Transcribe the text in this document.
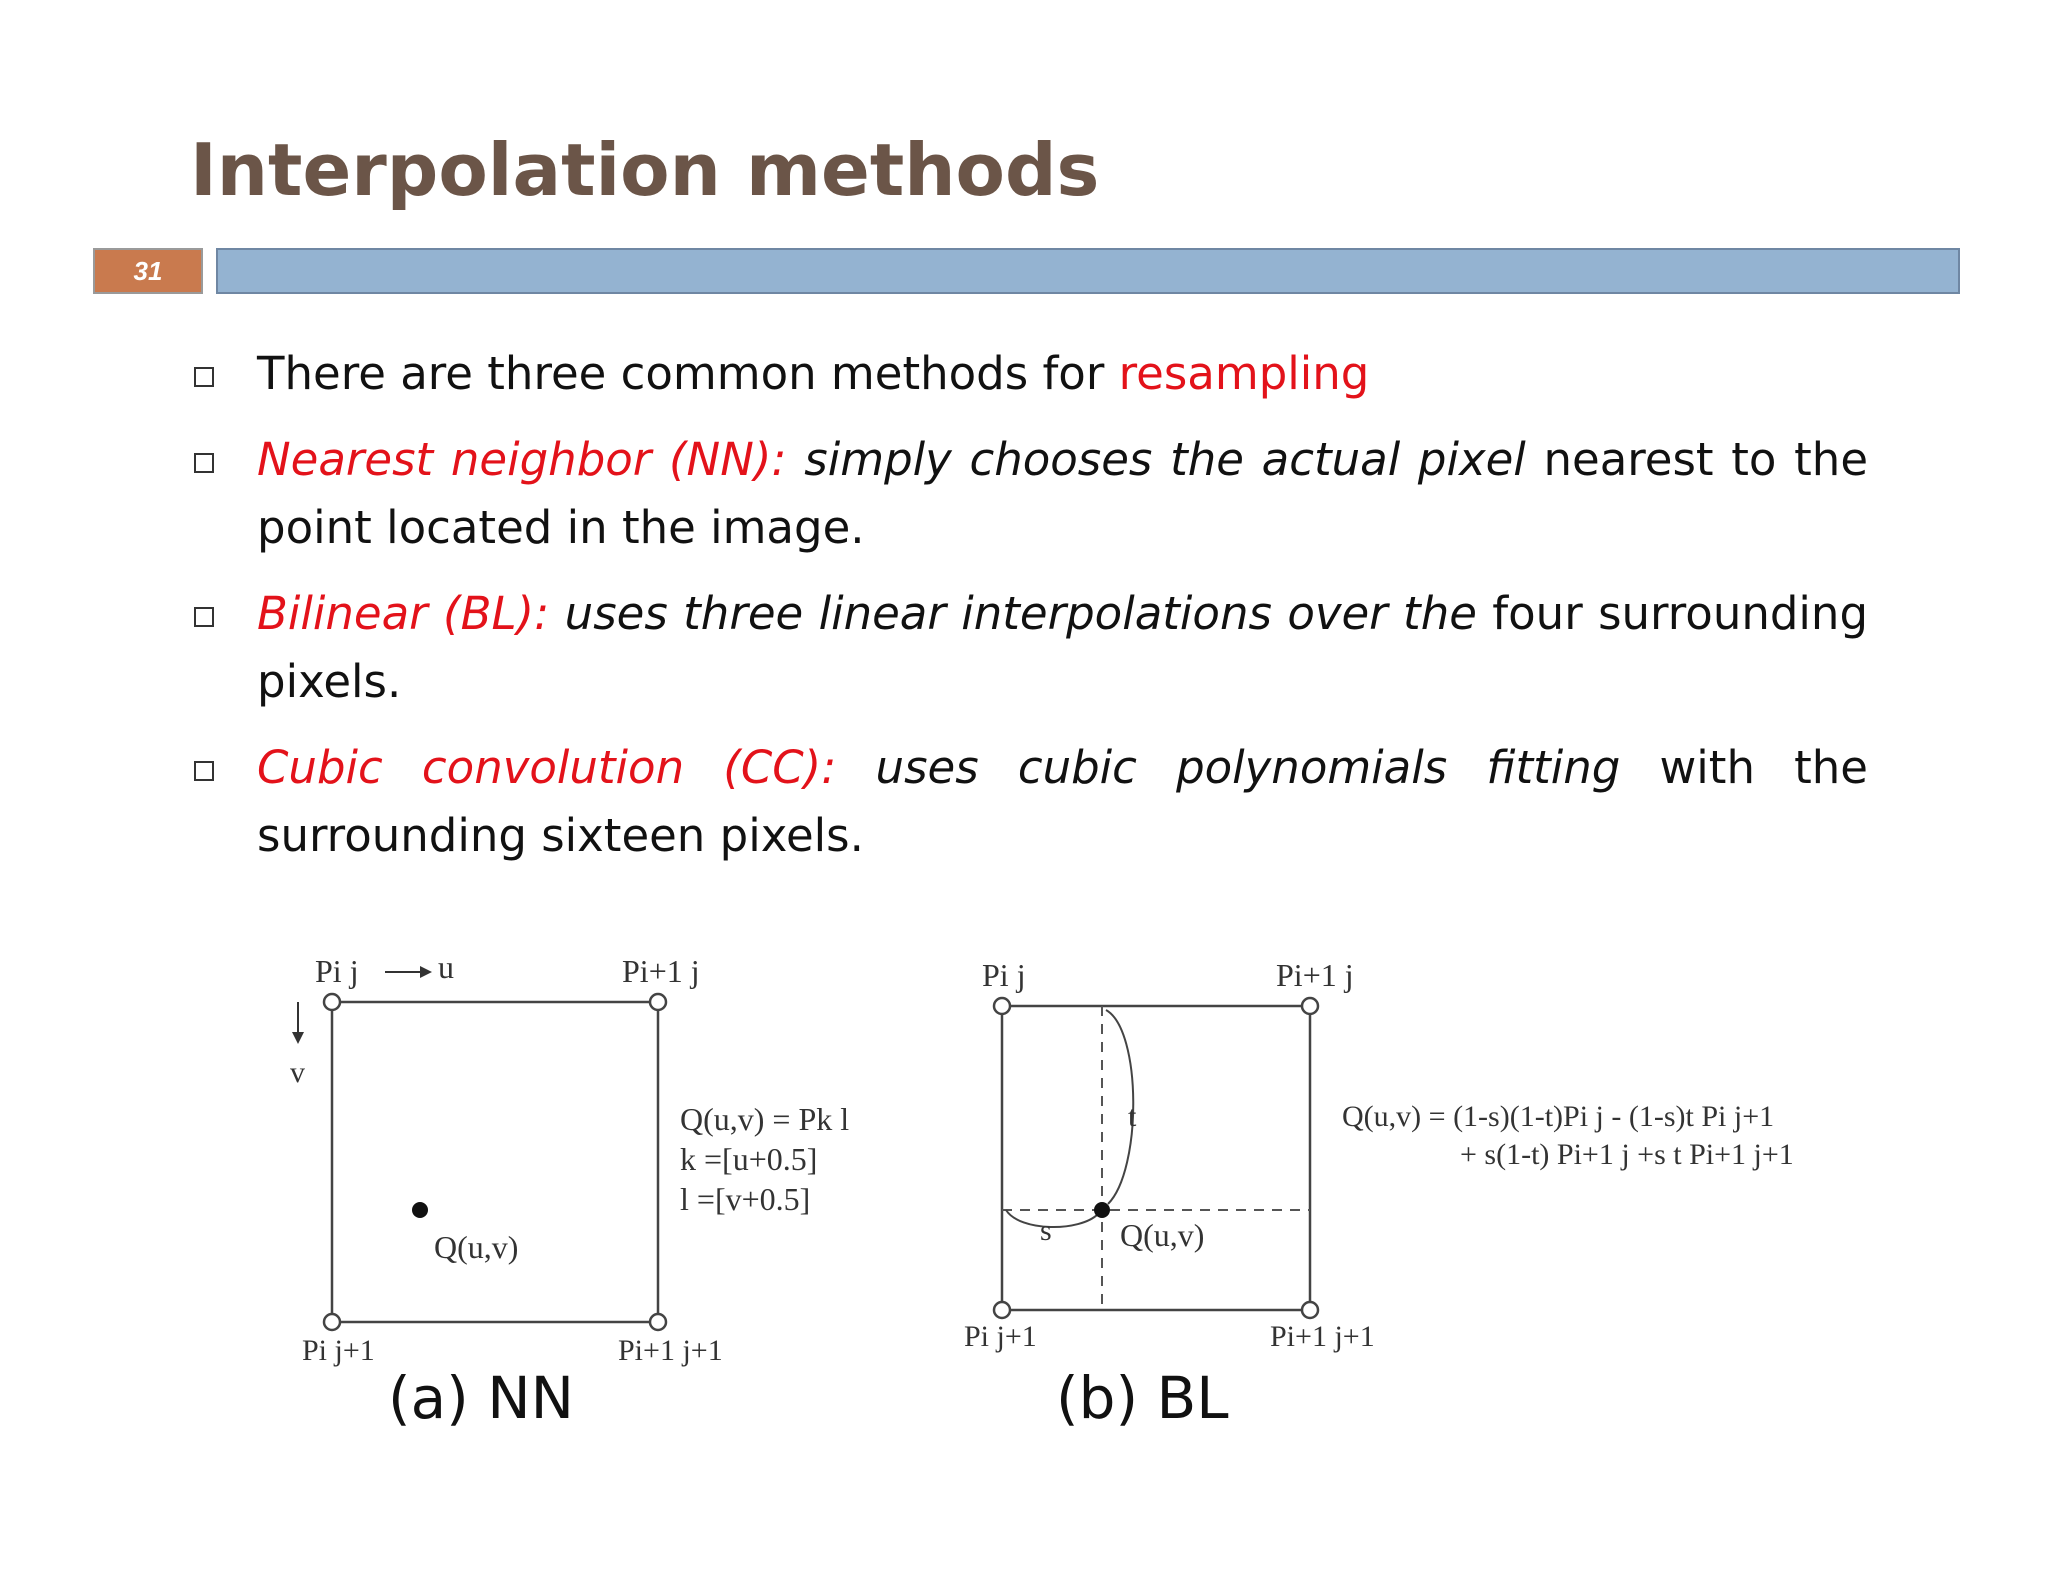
Interpolation methods
31
There are three common methods for resampling
Nearest neighbor (NN): simply chooses the actual pixel nearest to the point located in the image.
Bilinear (BL): uses three linear interpolations over the four surrounding pixels.
Cubic convolution (CC): uses cubic polynomials fitting with the surrounding sixteen pixels.
Pi j u	Pi+1 j
v
Q(u,v)
Q(u,v) = Pk l
k =[u+0.5]
l =[v+0.5]
Pi j+1	Pi+1 j+1
(a) NN
Pi j	Pi+1 j
t
s Q(u,v)
Q(u,v) = (1-s)(1-t)Pi j - (1-s)t Pi j+1
+ s(1-t) Pi+1 j +s t Pi+1 j+1
Pi j+1	Pi+1 j+1
(b) BL
